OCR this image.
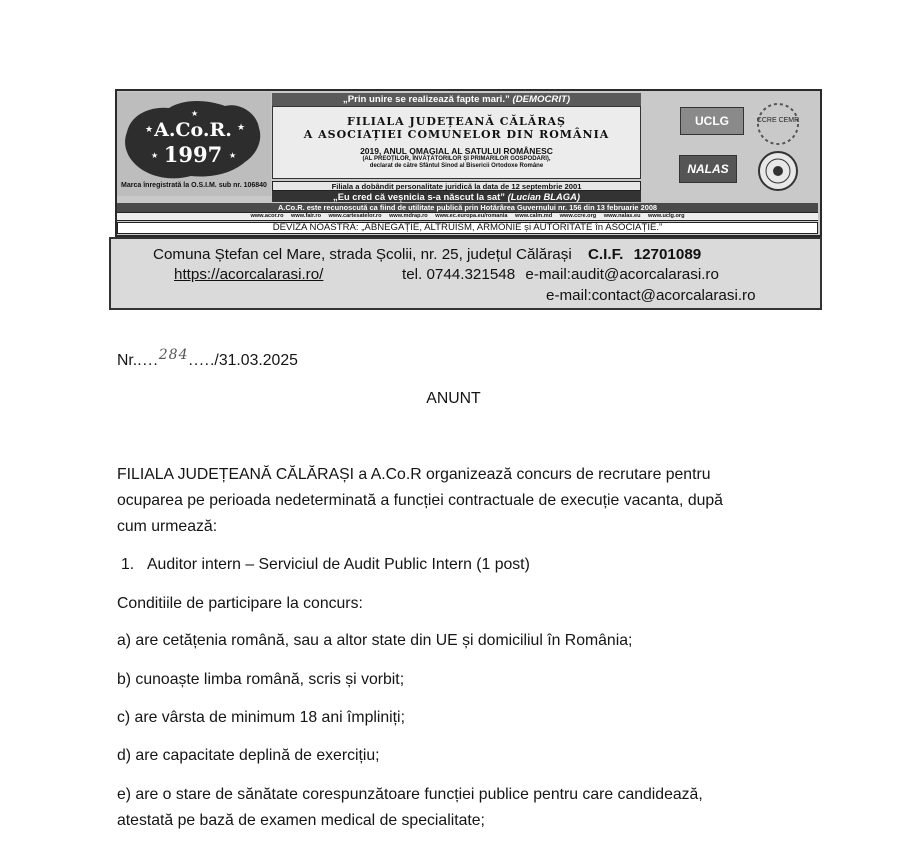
A.Co.R.
1997
★	★
★	★
★
Marca înregistrată la O.S.I.M. sub nr. 106840
„Prin unire se realizează fapte mari.” (DEMOCRIT)
FILIALA JUDEȚEANĂ CĂLĂRAȘ
A ASOCIAȚIEI COMUNELOR DIN ROMÂNIA
2019, ANUL OMAGIAL AL SATULUI ROMÂNESC
(AL PREOȚILOR, ÎNVĂȚĂTORILOR ȘI PRIMARILOR GOSPODARI),
declarat de către Sfântul Sinod al Bisericii Ortodoxe Române
Filiala a dobândit personalitate juridică la data de 12 septembrie 2001
„Eu cred că veșnicia s-a născut la sat” (Lucian BLAGA)
UCLG	CCRE CEMR
NALAS
A.Co.R. este recunoscută ca fiind de utilitate publică prin Hotărârea Guvernului nr. 156 din 13 februarie 2008
www.acor.ro www.fair.ro www.cartesatelor.ro www.mdrap.ro www.ec.europa.eu/romania www.calm.md www.ccre.org www.nalas.eu www.uclg.org
DEVIZA NOASTRĂ: „ABNEGAȚIE, ALTRUISM, ARMONIE și AUTORITATE în ASOCIAȚIE.”
Comuna Ștefan cel Mare, strada Școlii, nr. 25, județul Călărași C.I.F. 12701089
https://acorcalarasi.ro/	tel. 0744.321548 e-mail:audit@acorcalarasi.ro
e-mail:contact@acorcalarasi.ro
Nr.....284...../31.03.2025
ANUNT
FILIALA JUDEȚEANĂ CĂLĂRAȘI a A.Co.R organizează concurs de recrutare pentru
ocuparea pe perioada nedeterminată a funcției contractuale de execuție vacanta, după
cum urmează:
1. Auditor intern – Serviciul de Audit Public Intern (1 post)
Conditiile de participare la concurs:
a) are cetățenia română, sau a altor state din UE și domiciliul în România;
b) cunoaște limba română, scris și vorbit;
c) are vârsta de minimum 18 ani împliniți;
d) are capacitate deplină de exercițiu;
e) are o stare de sănătate corespunzătoare funcției publice pentru care candidează,
atestată pe bază de examen medical de specialitate;
